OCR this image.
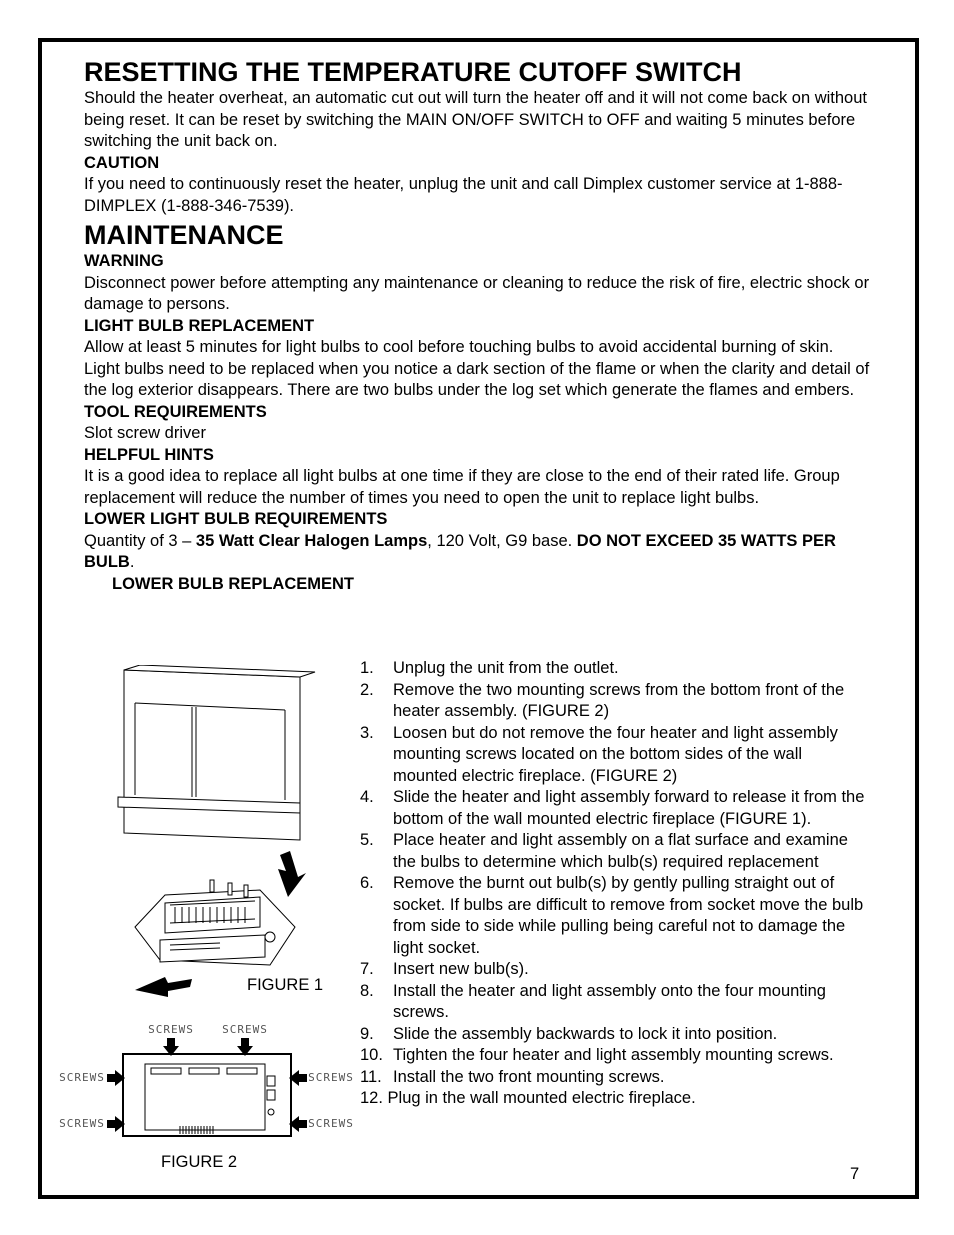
RESETTING THE TEMPERATURE CUTOFF SWITCH

Should the heater overheat, an automatic cut out will turn the heater off and it will not come back on without being reset. It can be reset by switching the MAIN ON/OFF SWITCH to OFF and waiting 5 minutes before switching the unit back on.

CAUTION

If you need to continuously reset the heater, unplug the unit and call Dimplex customer service at 1-888-DIMPLEX (1-888-346-7539).

MAINTENANCE
WARNING

Disconnect power before attempting any maintenance or cleaning to reduce the risk of fire, electric shock or damage to persons.

LIGHT BULB REPLACEMENT

Allow at least 5 minutes for light bulbs to cool before touching bulbs to avoid accidental burning of skin.

Light bulbs need to be replaced when you notice a dark section of the flame or when the clarity and detail of the log exterior disappears. There are two bulbs under the log set which generate the flames and embers.

TOOL REQUIREMENTS

Slot screw driver

HELPFUL HINTS

It is a good idea to replace all light bulbs at one time if they are close to the end of their rated life. Group replacement will reduce the number of times you need to open the unit to replace light bulbs.

LOWER LIGHT BULB REQUIREMENTS

Quantity of 3 – 35 Watt Clear Halogen Lamps, 120 Volt, G9 base. DO NOT EXCEED 35 WATTS PER BULB.

LOWER BULB REPLACEMENT
1. Unplug the unit from the outlet.
2. Remove the two mounting screws from the bottom front of the heater assembly. (FIGURE 2)
3. Loosen but do not remove the four heater and light assembly mounting screws located on the bottom sides of the wall mounted electric fireplace. (FIGURE 2)
4. Slide the heater and light assembly forward to release it from the bottom of the wall mounted electric fireplace (FIGURE 1).
5. Place heater and light assembly on a flat surface and examine the bulbs to determine which bulb(s) required replacement
6. Remove the burnt out bulb(s) by gently pulling straight out of socket. If bulbs are difficult to remove from socket move the bulb from side to side while pulling being careful not to damage the light socket.
7. Insert new bulb(s).
8. Install the heater and light assembly onto the four mounting screws.
9. Slide the assembly backwards to lock it into position.
10. Tighten the four heater and light assembly mounting screws.
11. Install the two front mounting screws.
12. Plug in the wall mounted electric fireplace.
FIGURE 1
SCREWS	SCREWS
SCREWS
SCREWS
SCREWS
SCREWS
FIGURE 2
7
